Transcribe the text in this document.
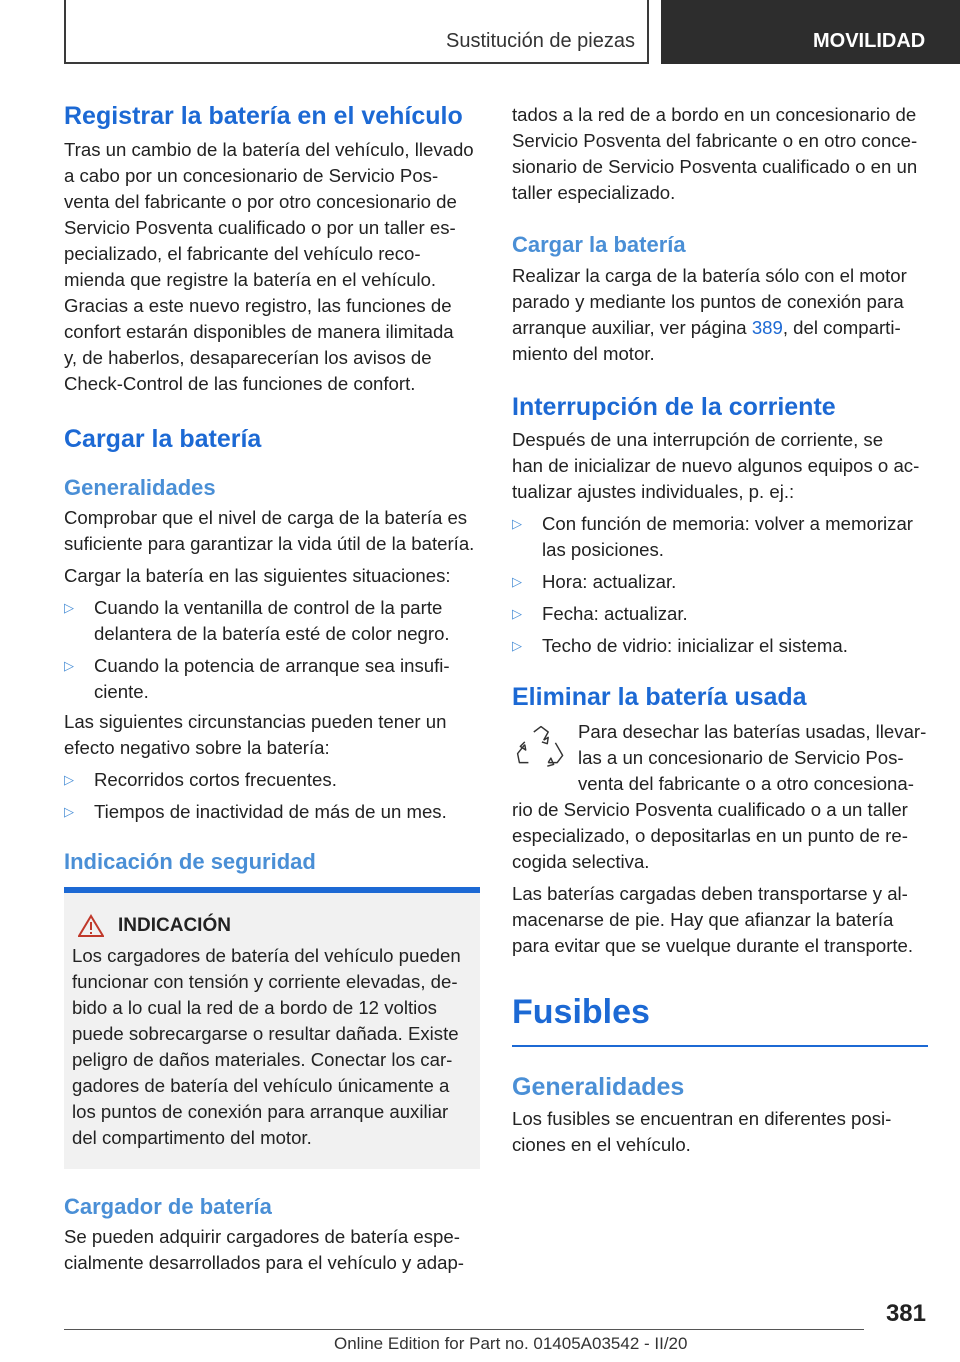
Sustitución de piezas	MOVILIDAD
Registrar la batería en el vehículo
Tras un cambio de la batería del vehículo, llevado
a cabo por un concesionario de Servicio Pos-
venta del fabricante o por otro concesionario de
Servicio Posventa cualificado o por un taller es-
pecializado, el fabricante del vehículo reco-
mienda que registre la batería en el vehículo.
Gracias a este nuevo registro, las funciones de
confort estarán disponibles de manera ilimitada
y, de haberlos, desaparecerían los avisos de
Check-Control de las funciones de confort.
Cargar la batería
Generalidades
Comprobar que el nivel de carga de la batería es
suficiente para garantizar la vida útil de la batería.
Cargar la batería en las siguientes situaciones:
▷ Cuando la ventanilla de control de la parte
delantera de la batería esté de color negro.
▷ Cuando la potencia de arranque sea insufi-
ciente.
Las siguientes circunstancias pueden tener un
efecto negativo sobre la batería:
▷ Recorridos cortos frecuentes.
▷ Tiempos de inactividad de más de un mes.
Indicación de seguridad
INDICACIÓN
Los cargadores de batería del vehículo pueden
funcionar con tensión y corriente elevadas, de-
bido a lo cual la red de a bordo de 12 voltios
puede sobrecargarse o resultar dañada. Existe
peligro de daños materiales. Conectar los car-
gadores de batería del vehículo únicamente a
los puntos de conexión para arranque auxiliar
del compartimento del motor.
Cargador de batería
Se pueden adquirir cargadores de batería espe-
cialmente desarrollados para el vehículo y adap-
tados a la red de a bordo en un concesionario de
Servicio Posventa del fabricante o en otro conce-
sionario de Servicio Posventa cualificado o en un
taller especializado.
Cargar la batería
Realizar la carga de la batería sólo con el motor
parado y mediante los puntos de conexión para
arranque auxiliar, ver página 389, del comparti-
miento del motor.
Interrupción de la corriente
Después de una interrupción de corriente, se
han de inicializar de nuevo algunos equipos o ac-
tualizar ajustes individuales, p. ej.:
▷ Con función de memoria: volver a memorizar
las posiciones.
▷ Hora: actualizar.
▷ Fecha: actualizar.
▷ Techo de vidrio: inicializar el sistema.
Eliminar la batería usada
Para desechar las baterías usadas, llevar-
las a un concesionario de Servicio Pos-
venta del fabricante o a otro concesiona-
rio de Servicio Posventa cualificado o a un taller
especializado, o depositarlas en un punto de re-
cogida selectiva.
Las baterías cargadas deben transportarse y al-
macenarse de pie. Hay que afianzar la batería
para evitar que se vuelque durante el transporte.
Fusibles
Generalidades
Los fusibles se encuentran en diferentes posi-
ciones en el vehículo.
381
Online Edition for Part no. 01405A03542 - II/20
